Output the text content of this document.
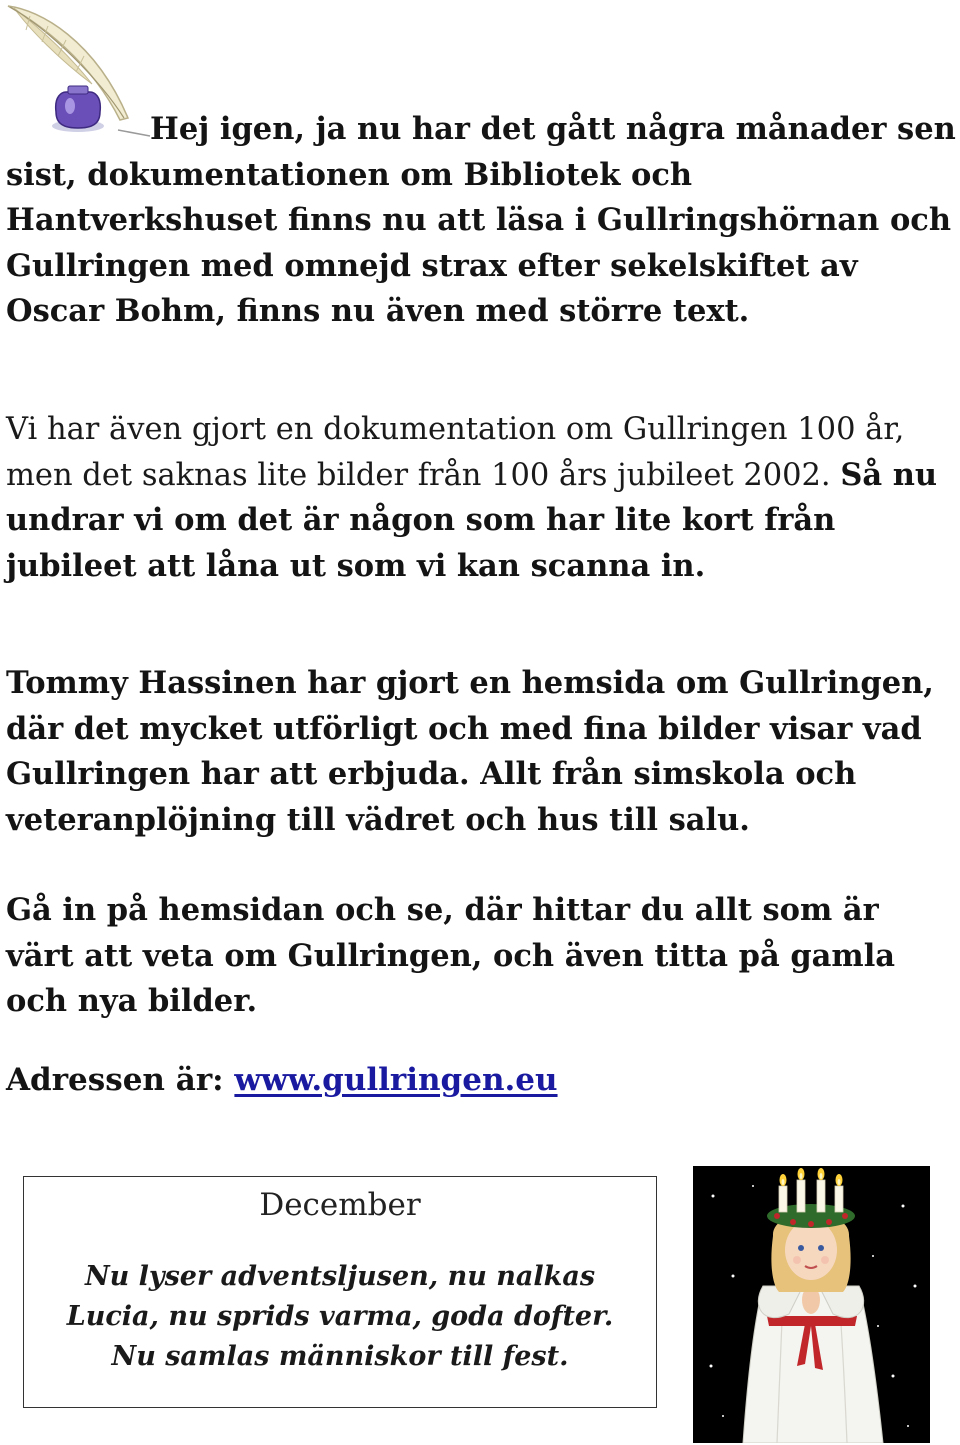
Hej igen, ja nu har det gått några månader sen sist, dokumentationen om Bibliotek och Hantverkshuset finns nu att läsa i Gullringshörnan och Gullringen med omnejd strax efter sekelskiftet av Oscar Bohm, finns nu även med större text.

Vi har även gjort en dokumentation om Gullringen 100 år, men det saknas lite bilder från 100 års jubileet 2002. Så nu undrar vi om det är någon som har lite kort från jubileet att låna ut som vi kan scanna in.

Tommy Hassinen har gjort en hemsida om Gullringen, där det mycket utförligt och med fina bilder visar vad Gullringen har att erbjuda. Allt från simskola och veteranplöjning till vädret och hus till salu.

Gå in på hemsidan och se, där hittar du allt som är värt att veta om Gullringen, och även titta på gamla och nya bilder.

Adressen är: www.gullringen.eu
December
Nu lyser adventsljusen, nu nalkas
Lucia, nu sprids varma, goda dofter.
Nu samlas människor till fest.
